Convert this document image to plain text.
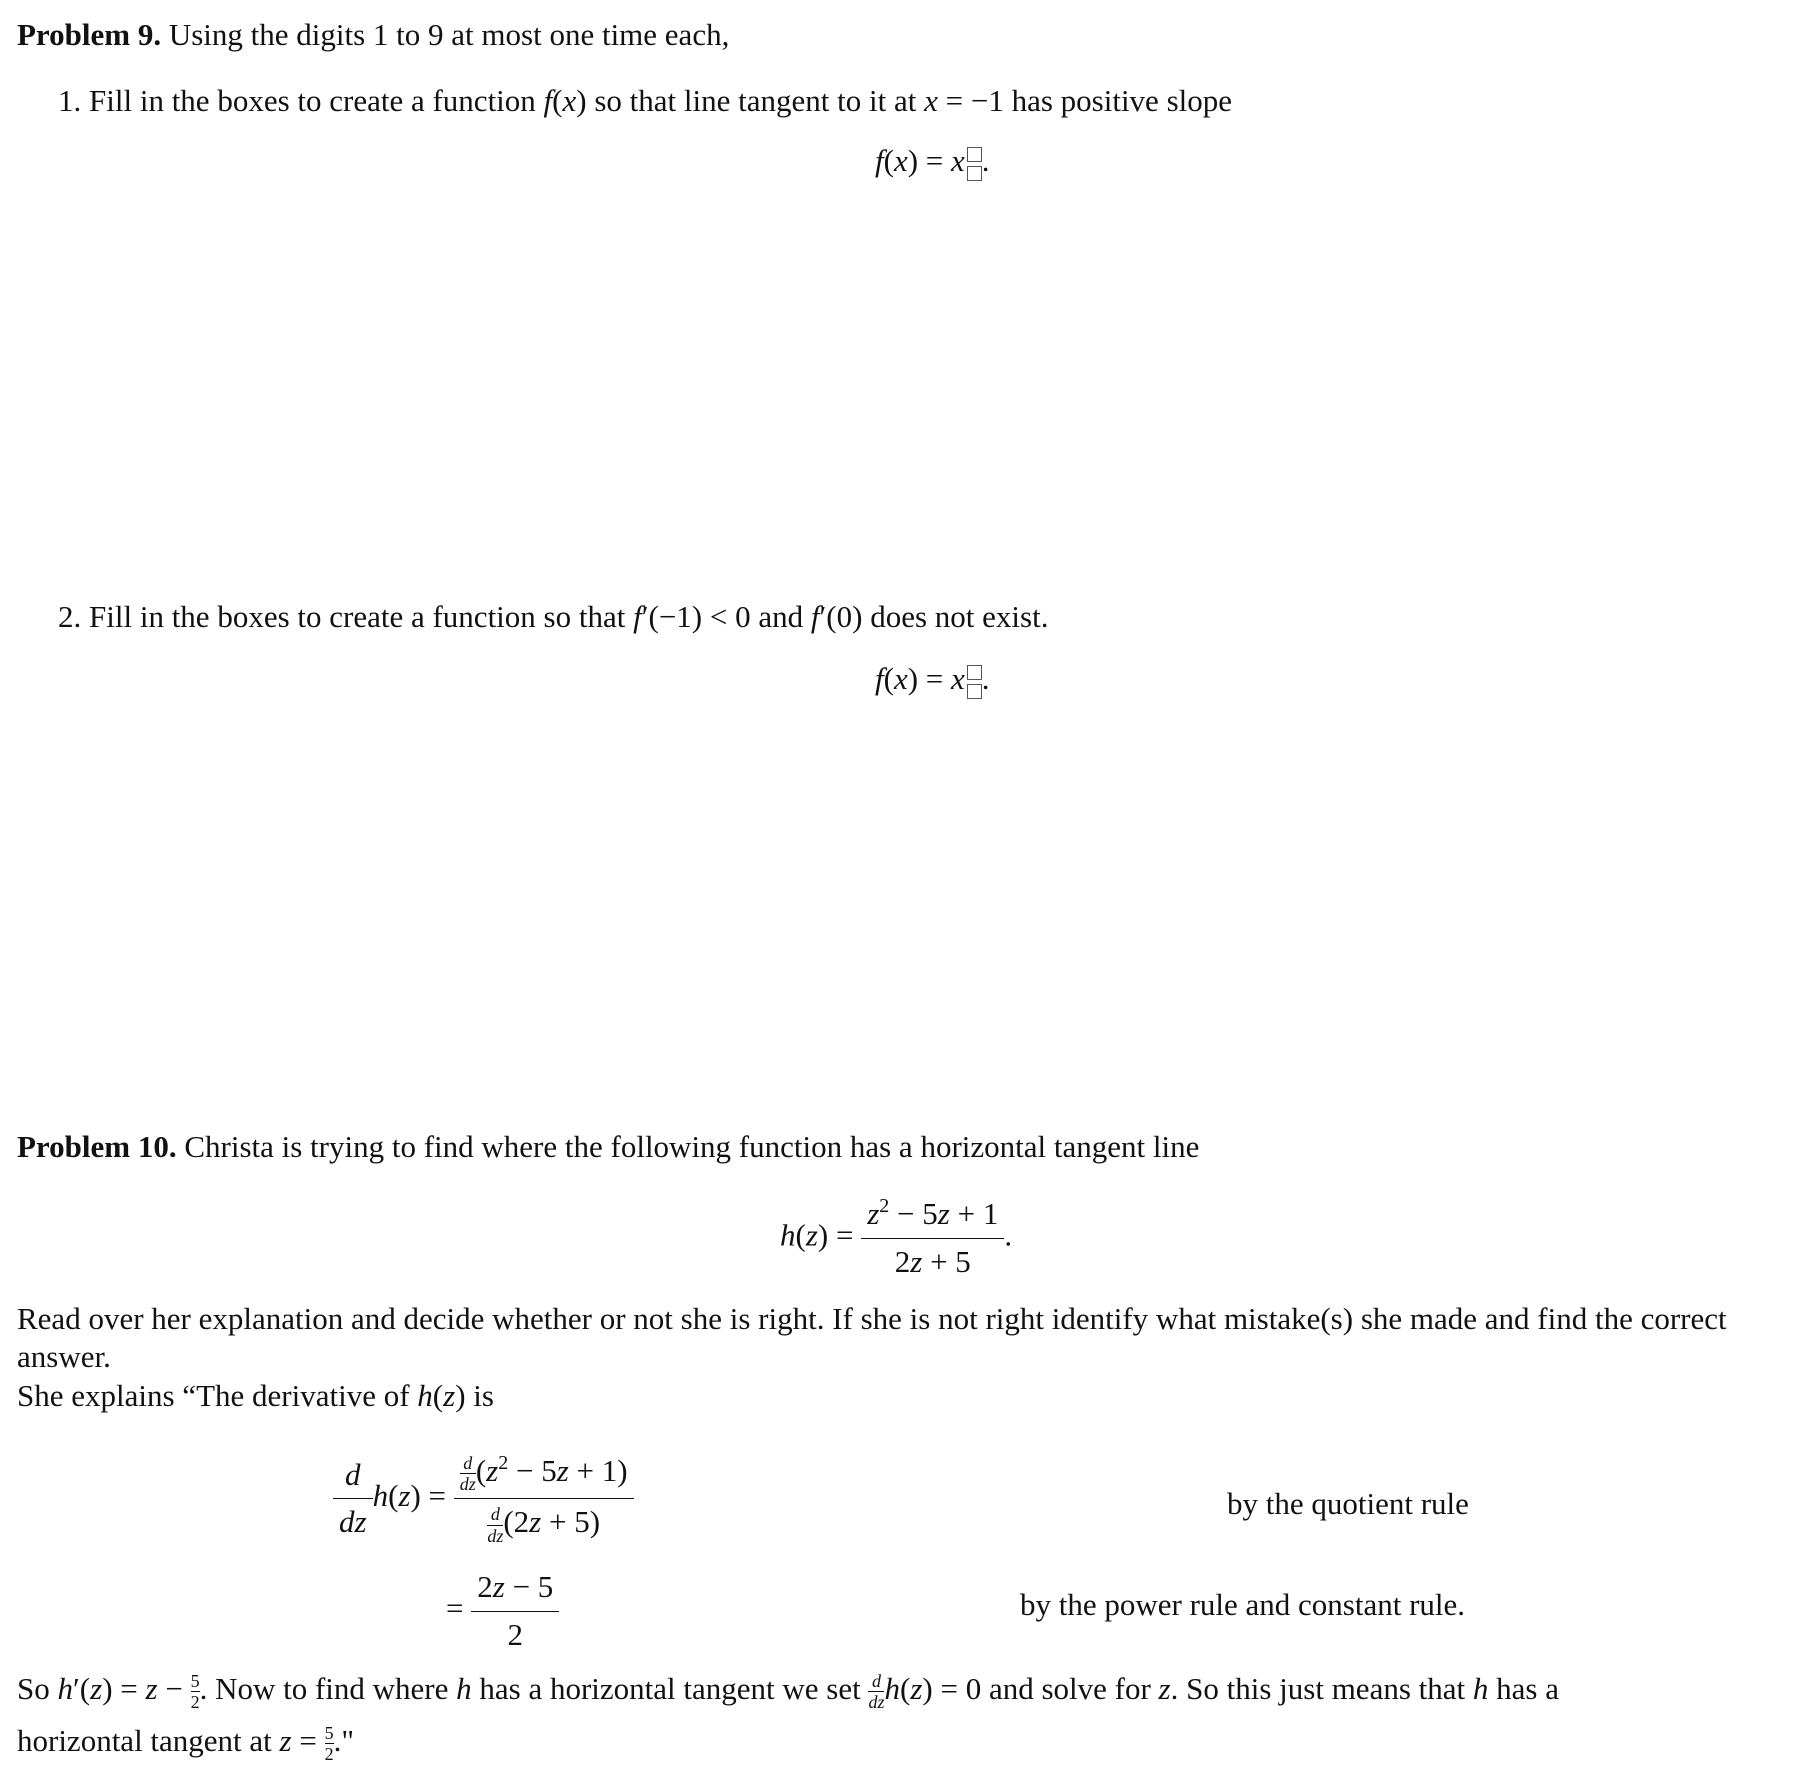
Problem 9. Using the digits 1 to 9 at most one time each,
1. Fill in the boxes to create a function f(x) so that line tangent to it at x = −1 has positive slope
f(x) = x .
2. Fill in the boxes to create a function so that f′(−1) < 0 and f′(0) does not exist.
f(x) = x .
Problem 10. Christa is trying to find where the following function has a horizontal tangent line
$h(z) = \frac{z^2 - 5z + 1}{2z + 5}$ .
Read over her explanation and decide whether or not she is right. If she is not right identify what mistake(s) she made and find the correct answer.
She explains “The derivative of h(z) is
$\frac{d}{dz} h(z) = \frac{\frac{d}{dz} (z^2 - 5z + 1)}{\frac{d}{dz} (2z + 5)}$	by the quotient rule
= $\frac{2z - 5}{2}$	by the power rule and constant rule.
So $h'(z) = z - \frac{5}{2}$ . Now to find where h has a horizontal tangent we set $\frac{d}{dz} h(z) = 0$ and solve for z. So this just means that h has a
horizontal tangent at $z = \frac{5}{2}$ ."
